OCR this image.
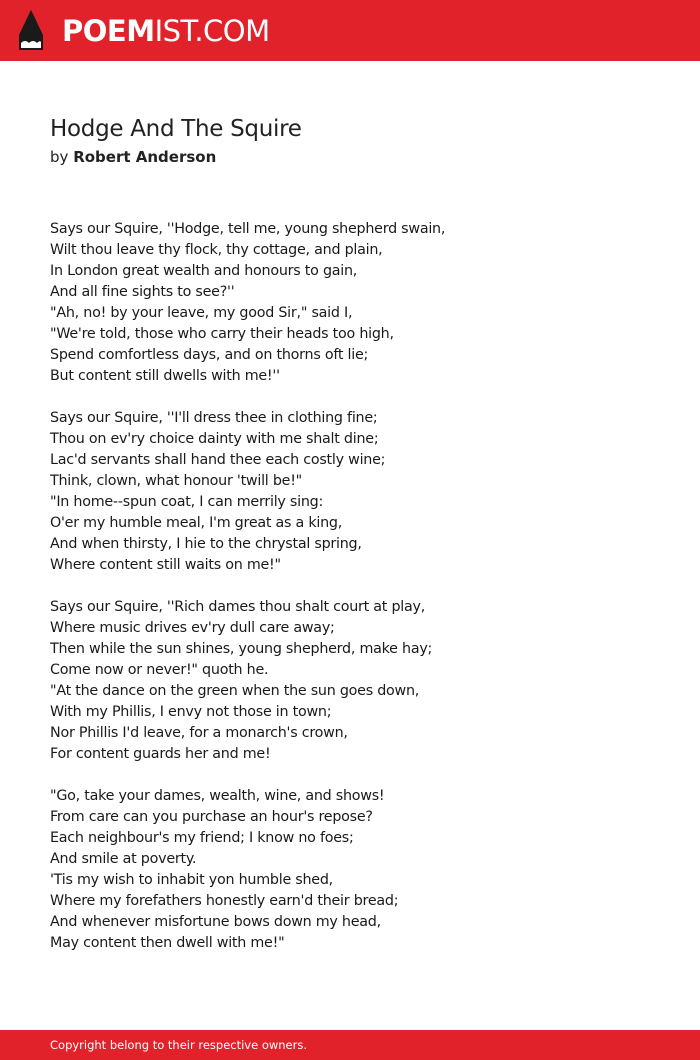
POEMIST.COM
Hodge And The Squire
by Robert Anderson
Says our Squire, ''Hodge, tell me, young shepherd swain,
Wilt thou leave thy flock, thy cottage, and plain,
In London great wealth and honours to gain,
And all fine sights to see?''
"Ah, no! by your leave, my good Sir," said I,
"We're told, those who carry their heads too high,
Spend comfortless days, and on thorns oft lie;
But content still dwells with me!''
Says our Squire, ''I'll dress thee in clothing fine;
Thou on ev'ry choice dainty with me shalt dine;
Lac'd servants shall hand thee each costly wine;
Think, clown, what honour 'twill be!"
"In home--spun coat, I can merrily sing:
O'er my humble meal, I'm great as a king,
And when thirsty, I hie to the chrystal spring,
Where content still waits on me!"
Says our Squire, ''Rich dames thou shalt court at play,
Where music drives ev'ry dull care away;
Then while the sun shines, young shepherd, make hay;
Come now or never!" quoth he.
"At the dance on the green when the sun goes down,
With my Phillis, I envy not those in town;
Nor Phillis I'd leave, for a monarch's crown,
For content guards her and me!
"Go, take your dames, wealth, wine, and shows!
From care can you purchase an hour's repose?
Each neighbour's my friend; I know no foes;
And smile at poverty.
'Tis my wish to inhabit yon humble shed,
Where my forefathers honestly earn'd their bread;
And whenever misfortune bows down my head,
May content then dwell with me!"
Copyright belong to their respective owners.
